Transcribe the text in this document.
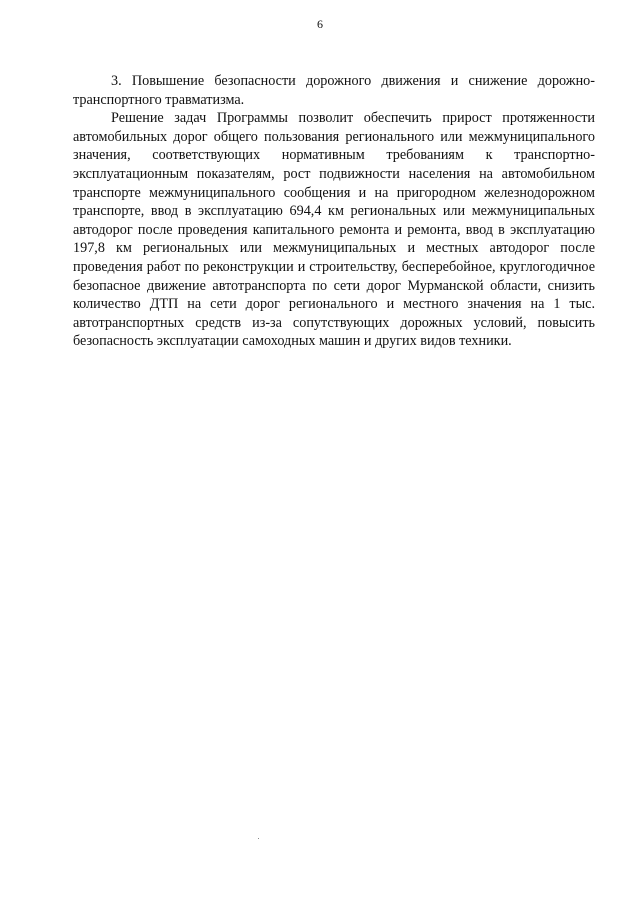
6

3. Повышение безопасности дорожного движения и снижение дорожно-транспортного травматизма.

Решение задач Программы позволит обеспечить прирост протяженности автомобильных дорог общего пользования регионального или межмуниципального значения, соответствующих нормативным требованиям к транспортно-эксплуатационным показателям, рост подвижности населения на автомобильном транспорте межмуниципального сообщения и на пригородном железнодорожном транспорте, ввод в эксплуатацию 694,4 км региональных или межмуниципальных автодорог после проведения капитального ремонта и ремонта, ввод в эксплуатацию 197,8 км региональных или межмуниципальных и местных автодорог после проведения работ по реконструкции и строительству, бесперебойное, круглогодичное безопасное движение автотранспорта по сети дорог Мурманской области, снизить количество ДТП на сети дорог регионального и местного значения на 1 тыс. автотранспортных средств из-за сопутствующих дорожных условий, повысить безопасность эксплуатации самоходных машин и других видов техники.
